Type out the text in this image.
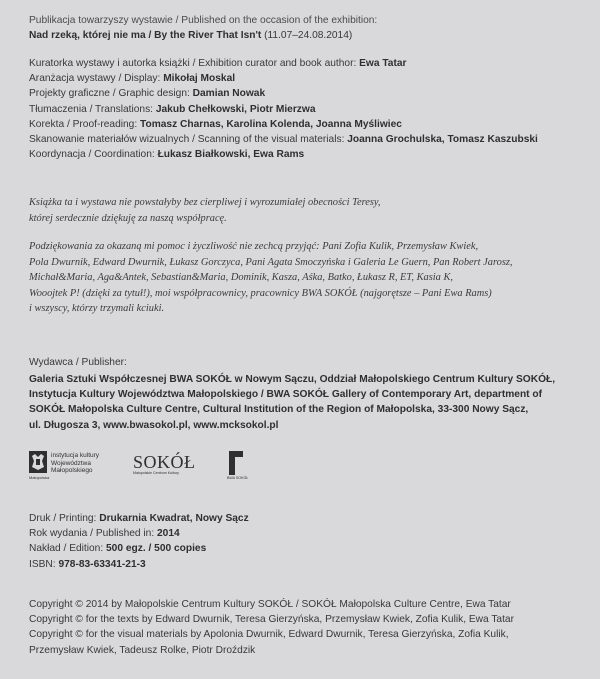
Publikacja towarzyszy wystawie / Published on the occasion of the exhibition:
Nad rzeką, której nie ma / By the River That Isn't (11.07–24.08.2014)
Kuratorka wystawy i autorka książki / Exhibition curator and book author: Ewa Tatar
Aranżacja wystawy / Display: Mikołaj Moskal
Projekty graficzne / Graphic design: Damian Nowak
Tłumaczenia / Translations: Jakub Chełkowski, Piotr Mierzwa
Korekta / Proof-reading: Tomasz Charnas, Karolina Kolenda, Joanna Myśliwiec
Skanowanie materiałów wizualnych / Scanning of the visual materials: Joanna Grochulska, Tomasz Kaszubski
Koordynacja / Coordination: Łukasz Białkowski, Ewa Rams
Książka ta i wystawa nie powstałyby bez cierpliwej i wyrozumiałej obecności Teresy,
której serdecznie dziękuję za naszą współpracę.
Podziękowania za okazaną mi pomoc i życzliwość nie zechcą przyjąć: Pani Zofia Kulik, Przemysław Kwiek,
Pola Dwurnik, Edward Dwurnik, Łukasz Gorczyca, Pani Agata Smoczyńska i Galeria Le Guern, Pan Robert Jarosz,
Michał&Maria, Aga&Antek, Sebastian&Maria, Dominik, Kasza, Aśka, Batko, Łukasz R, ET, Kasia K,
Wooojtek P! (dzięki za tytuł!), moi współpracownicy, pracownicy BWA SOKÓŁ (najgorętsze – Pani Ewa Rams)
i wszyscy, którzy trzymali kciuki.
Wydawca / Publisher:
Galeria Sztuki Współczesnej BWA SOKÓŁ w Nowym Sączu, Oddział Małopolskiego Centrum Kultury SOKÓŁ,
Instytucja Kultury Województwa Małopolskiego / BWA SOKÓŁ Gallery of Contemporary Art, department of
SOKÓŁ Małopolska Culture Centre, Cultural Institution of the Region of Małopolska, 33-300 Nowy Sącz,
ul. Długosza 3, www.bwasokol.pl, www.mcksokol.pl
Małopolska
instytucja kultury
Województwa
Małopolskiego	SOKÓŁ
Małopolskie Centrum Kultury
BWA SOKÓŁ
Druk / Printing: Drukarnia Kwadrat, Nowy Sącz
Rok wydania / Published in: 2014
Nakład / Edition: 500 egz. / 500 copies
ISBN: 978-83-63341-21-3
Copyright © 2014 by Małopolskie Centrum Kultury SOKÓŁ / SOKÓŁ Małopolska Culture Centre, Ewa Tatar
Copyright © for the texts by Edward Dwurnik, Teresa Gierzyńska, Przemysław Kwiek, Zofia Kulik, Ewa Tatar
Copyright © for the visual materials by Apolonia Dwurnik, Edward Dwurnik, Teresa Gierzyńska, Zofia Kulik,
Przemysław Kwiek, Tadeusz Rolke, Piotr Droździk
